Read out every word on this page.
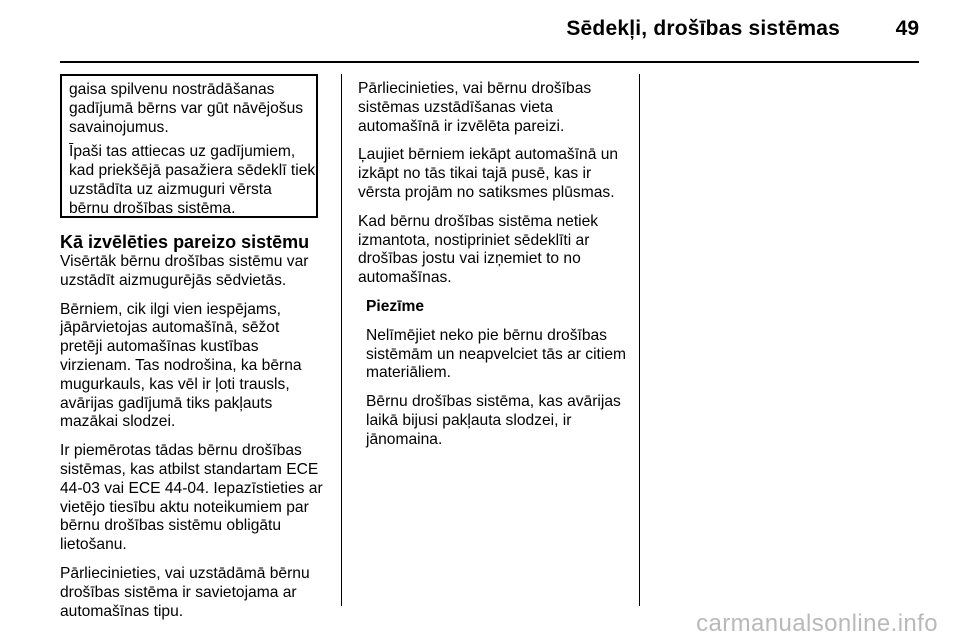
Sēdekļi, drošības sistēmas	49

gaisa spilvenu nostrādāšanas gadījumā bērns var gūt nāvējošus savainojumus.

Īpaši tas attiecas uz gadījumiem, kad priekšējā pasažiera sēdeklī tiek uzstādīta uz aizmuguri vērsta bērnu drošības sistēma.

Kā izvēlēties pareizo sistēmu

Visērtāk bērnu drošības sistēmu var uzstādīt aizmugurējās sēdvietās.

Bērniem, cik ilgi vien iespējams, jāpārvietojas automašīnā, sēžot pretēji automašīnas kustības virzienam. Tas nodrošina, ka bērna mugurkauls, kas vēl ir ļoti trausls, avārijas gadījumā tiks pakļauts mazākai slodzei.

Ir piemērotas tādas bērnu drošības sistēmas, kas atbilst standartam ECE 44-03 vai ECE 44-04. Iepazīstieties ar vietējo tiesību aktu noteikumiem par bērnu drošības sistēmu obligātu lietošanu.

Pārliecinieties, vai uzstādāmā bērnu drošības sistēma ir savietojama ar automašīnas tipu.

Pārliecinieties, vai bērnu drošības sistēmas uzstādīšanas vieta automašīnā ir izvēlēta pareizi.

Ļaujiet bērniem iekāpt automašīnā un izkāpt no tās tikai tajā pusē, kas ir vērsta projām no satiksmes plūsmas.

Kad bērnu drošības sistēma netiek izmantota, nostipriniet sēdeklīti ar drošības jostu vai izņemiet to no automašīnas.

Piezīme

Nelīmējiet neko pie bērnu drošības sistēmām un neapvelciet tās ar citiem materiāliem.

Bērnu drošības sistēma, kas avārijas laikā bijusi pakļauta slodzei, ir jānomaina.

carmanualsonline.info
